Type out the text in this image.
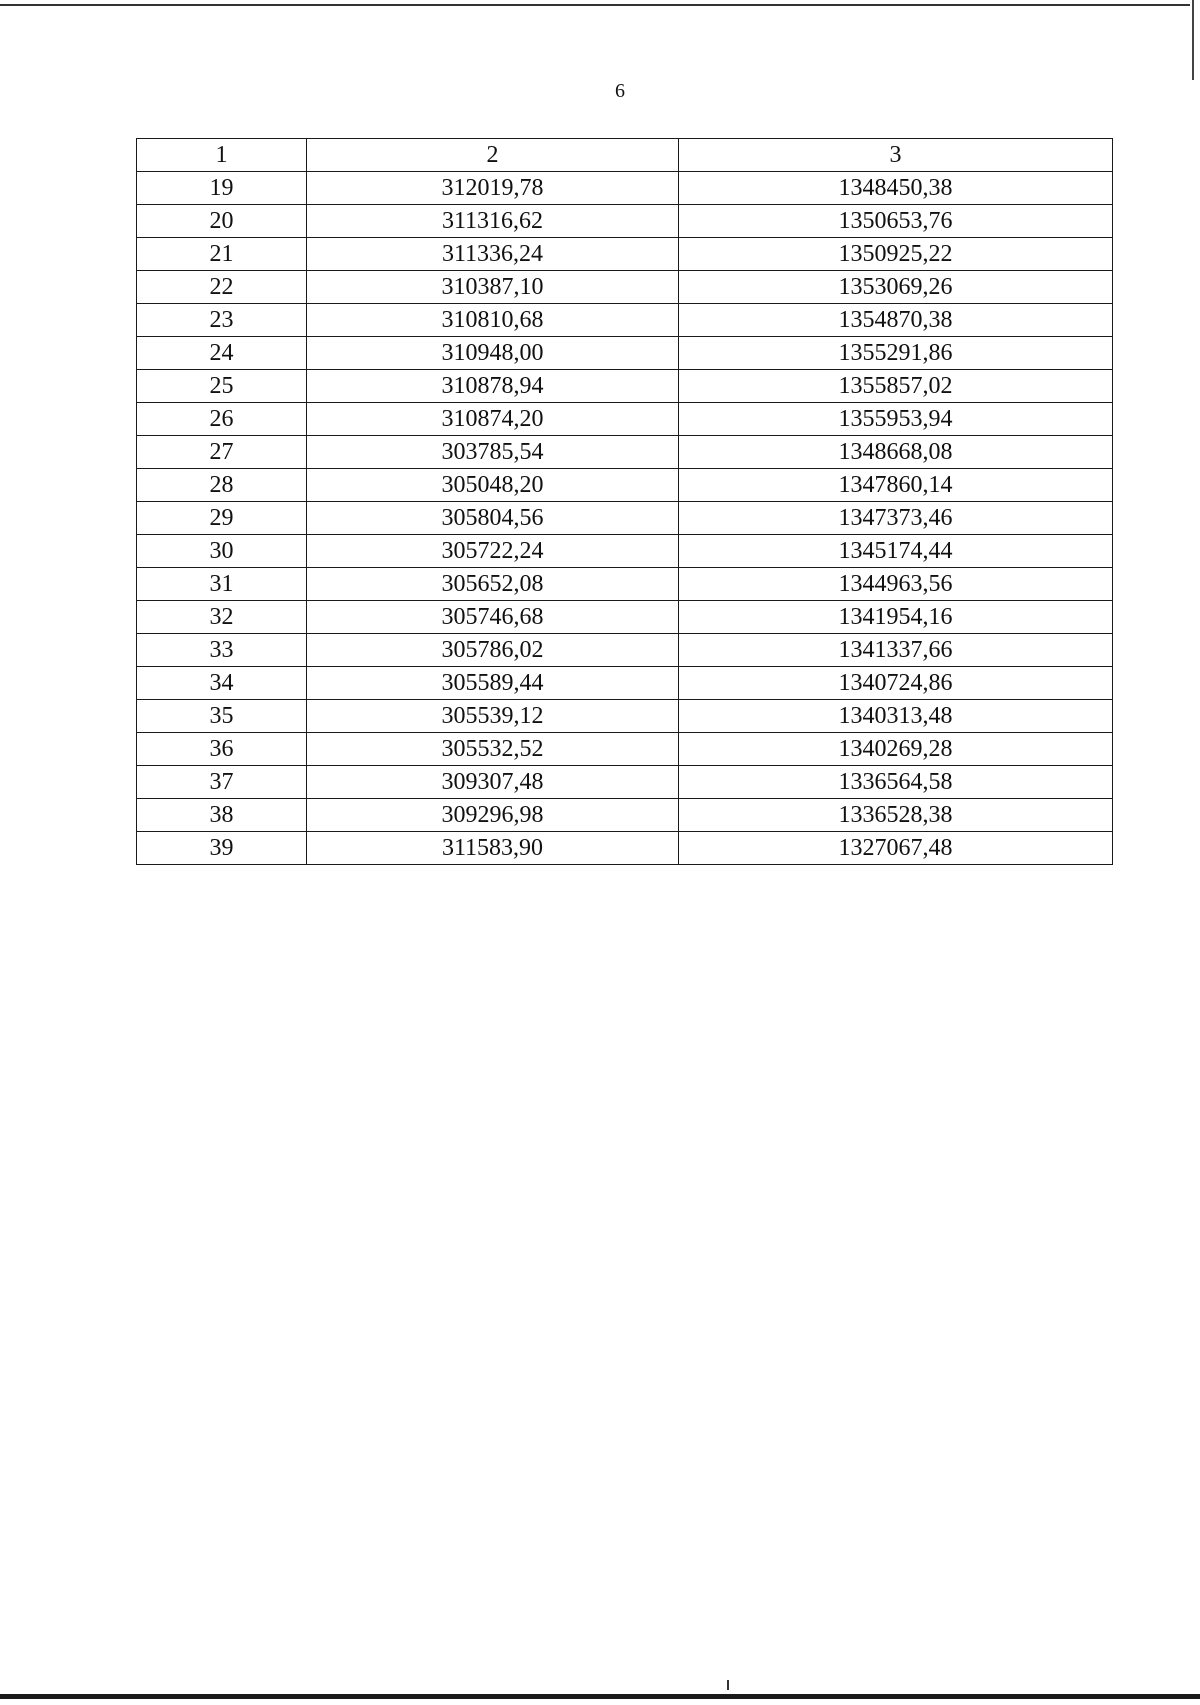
6
1	2	3
19	312019,78	1348450,38
20	311316,62	1350653,76
21	311336,24	1350925,22
22	310387,10	1353069,26
23	310810,68	1354870,38
24	310948,00	1355291,86
25	310878,94	1355857,02
26	310874,20	1355953,94
27	303785,54	1348668,08
28	305048,20	1347860,14
29	305804,56	1347373,46
30	305722,24	1345174,44
31	305652,08	1344963,56
32	305746,68	1341954,16
33	305786,02	1341337,66
34	305589,44	1340724,86
35	305539,12	1340313,48
36	305532,52	1340269,28
37	309307,48	1336564,58
38	309296,98	1336528,38
39	311583,90	1327067,48
